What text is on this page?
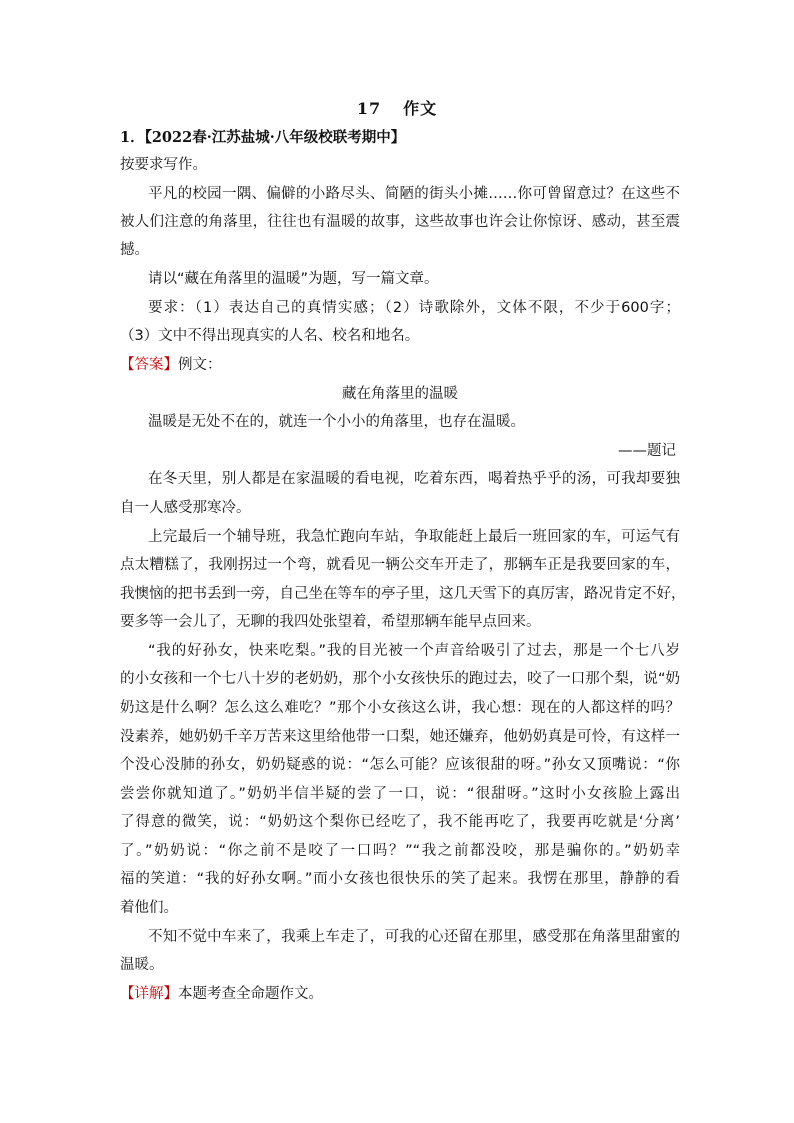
17 作文
1．【2022春·江苏盐城·八年级校联考期中】
按要求写作。
平凡的校园一隅、偏僻的小路尽头、简陋的街头小摊……你可曾留意过？在这些不
被人们注意的角落里，往往也有温暖的故事，这些故事也许会让你惊讶、感动，甚至震
撼。
请以“藏在角落里的温暖”为题，写一篇文章。
要求：（1）表达自己的真情实感；（2）诗歌除外，文体不限，不少于600字；
（3）文中不得出现真实的人名、校名和地名。
【答案】例文：
藏在角落里的温暖
温暖是无处不在的，就连一个小小的角落里，也存在温暖。
——题记
在冬天里，别人都是在家温暖的看电视，吃着东西，喝着热乎乎的汤，可我却要独
自一人感受那寒冷。
上完最后一个辅导班，我急忙跑向车站，争取能赶上最后一班回家的车，可运气有
点太糟糕了，我刚拐过一个弯，就看见一辆公交车开走了，那辆车正是我要回家的车，
我懊恼的把书丢到一旁，自己坐在等车的亭子里，这几天雪下的真厉害，路况肯定不好，
要多等一会儿了，无聊的我四处张望着，希望那辆车能早点回来。
“我的好孙女，快来吃梨。”我的目光被一个声音给吸引了过去，那是一个七八岁
的小女孩和一个七八十岁的老奶奶，那个小女孩快乐的跑过去，咬了一口那个梨，说“奶
奶这是什么啊？怎么这么难吃？”那个小女孩这么讲，我心想：现在的人都这样的吗？
没素养，她奶奶千辛万苦来这里给他带一口梨，她还嫌弃，他奶奶真是可怜，有这样一
个没心没肺的孙女，奶奶疑惑的说：“怎么可能？应该很甜的呀。”孙女又顶嘴说：“你
尝尝你就知道了。”奶奶半信半疑的尝了一口，说：“很甜呀。”这时小女孩脸上露出
了得意的微笑，说：“奶奶这个梨你已经吃了，我不能再吃了，我要再吃就是‘分离’
了。”奶奶说：“你之前不是咬了一口吗？”“我之前都没咬，那是骗你的。”奶奶幸
福的笑道：“我的好孙女啊。”而小女孩也很快乐的笑了起来。我愣在那里，静静的看
着他们。
不知不觉中车来了，我乘上车走了，可我的心还留在那里，感受那在角落里甜蜜的
温暖。
【详解】本题考查全命题作文。
